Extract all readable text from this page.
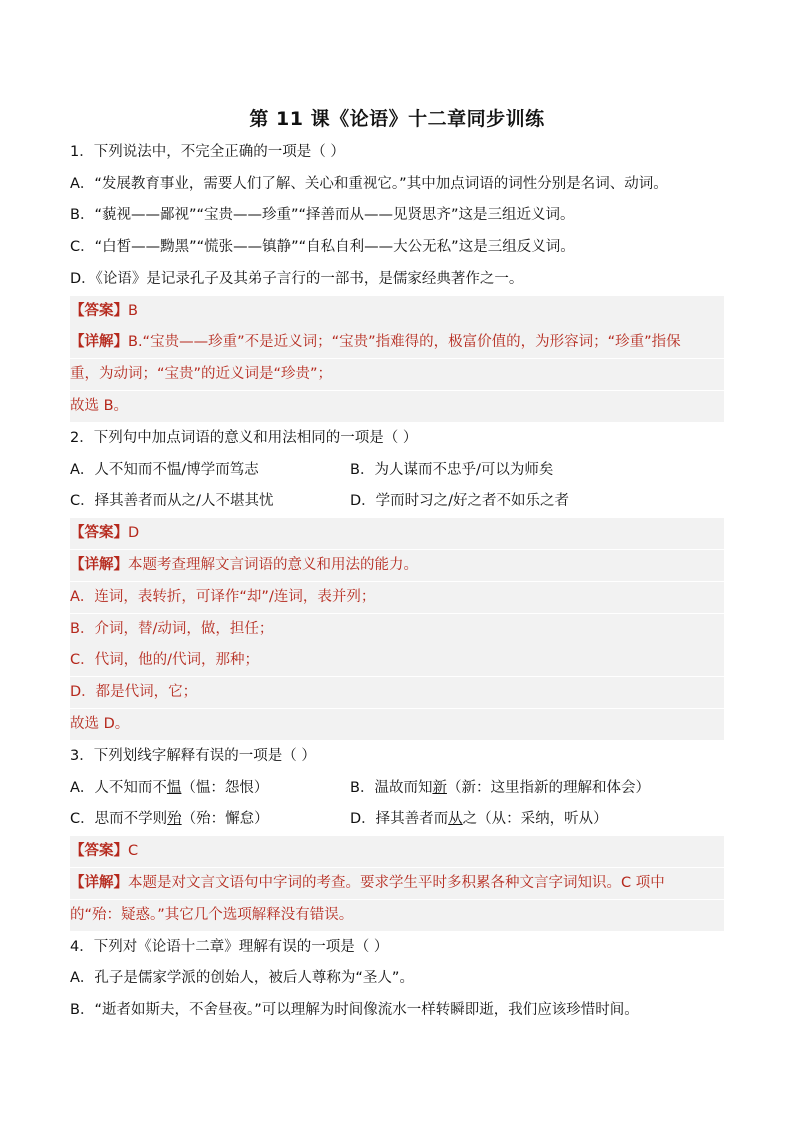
第 11 课《论语》十二章同步训练
1．下列说法中，不完全正确的一项是（ ）
A．“发展教育事业，需要人们了解、关心和重视它。”其中加点词语的词性分别是名词、动词。
B．“藐视——鄙视”“宝贵——珍重”“择善而从——见贤思齐”这是三组近义词。
C．“白皙——黝黑”“慌张——镇静”“自私自利——大公无私”这是三组反义词。
D．《论语》是记录孔子及其弟子言行的一部书，是儒家经典著作之一。
【答案】B
【详解】B.“宝贵——珍重”不是近义词；“宝贵”指难得的，极富价值的，为形容词；“珍重”指保
重，为动词；“宝贵”的近义词是“珍贵”；
故选 B。
2．下列句中加点词语的意义和用法相同的一项是（ ）
A．人不知而不愠/博学而笃志	B．为人谋而不忠乎/可以为师矣
C．择其善者而从之/人不堪其忧	D．学而时习之/好之者不如乐之者
【答案】D
【详解】本题考查理解文言词语的意义和用法的能力。
A．连词，表转折，可译作“却”/连词，表并列；
B．介词，替/动词，做，担任；
C．代词，他的/代词，那种；
D．都是代词，它；
故选 D。
3．下列划线字解释有误的一项是（ ）
A．人不知而不愠（愠：怨恨）	B．温故而知新（新：这里指新的理解和体会）
C．思而不学则殆（殆：懈怠）	D．择其善者而从之（从：采纳，听从）
【答案】C
【详解】本题是对文言文语句中字词的考查。要求学生平时多积累各种文言字词知识。C 项中
的“殆：疑惑。”其它几个选项解释没有错误。
4．下列对《论语十二章》理解有误的一项是（ ）
A．孔子是儒家学派的创始人，被后人尊称为“圣人”。
B．“逝者如斯夫，不舍昼夜。”可以理解为时间像流水一样转瞬即逝，我们应该珍惜时间。
